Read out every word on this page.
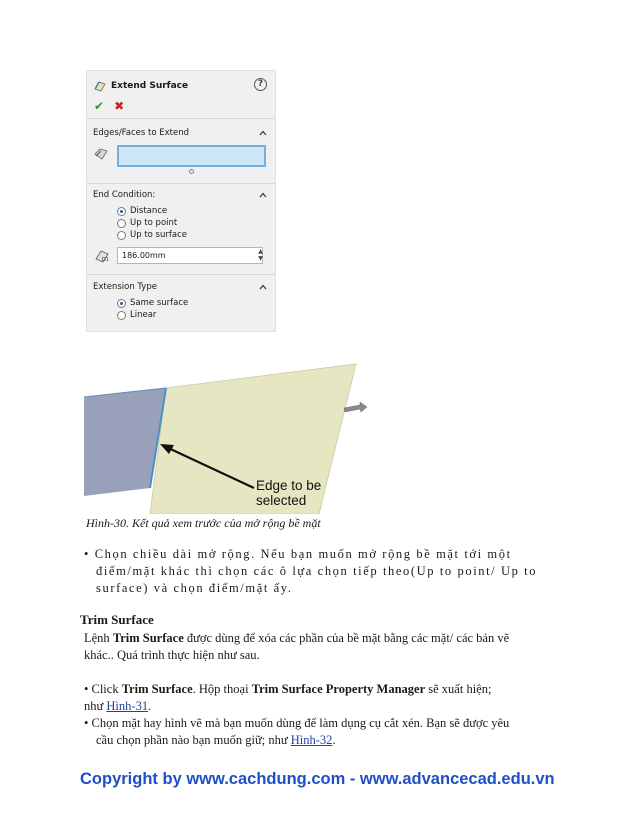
Extend Surface	?
✔ ✖
Edges/Faces to Extend
End Condition:
Distance
Up to point
Up to surface
D1	186.00mm	▲
▼
Extension Type
Same surface
Linear
Edge to be
selected
Hình-30. Kết quả xem trước của mở rộng bề mặt
• Chọn chiều dài mở rộng. Nếu bạn muốn mở rộng bề mặt tới một
điểm/mặt khác thì chọn các ô lựa chọn tiếp theo(Up to point/ Up to
surface) và chọn điểm/mặt ấy.
Trim Surface
Lệnh Trim Surface được dùng để xóa các phần của bề mặt bằng các mặt/ các bản vẽ
khác.. Quá trình thực hiện như sau.
• Click Trim Surface. Hộp thoại Trim Surface Property Manager sẽ xuất hiện;
như Hình-31.
• Chọn mặt hay hình vẽ mà bạn muốn dùng để làm dụng cụ cắt xén. Bạn sẽ được yêu
cầu chọn phần nào bạn muốn giữ; như Hình-32.
Copyright by www.cachdung.com - www.advancecad.edu.vn
